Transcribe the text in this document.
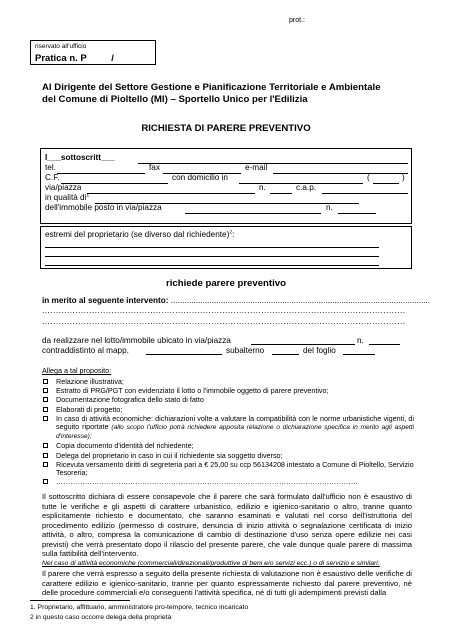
prot.:
riservato all'ufficio
Pratica n. P	/
Al Dirigente del Settore Gestione e Pianificazione Territoriale e Ambientale
del Comune di Pioltello (MI) – Sportello Unico per l'Edilizia
RICHIESTA DI PARERE PREVENTIVO
I___sottoscritt___
tel.	fax	e-mail
C.F.	con domicilio in	(	)
via/piazza	n.	c.a.p.
in qualità $di^1$
dell'immobile posto in via/piazza	n.
estremi del proprietario (se diverso dal richiedente)$^2$:
richiede parere preventivo
in merito al seguente intervento: ..................................................................................................................
...................................................................................................................................
...................................................................................................................................
da realizzare nel lotto/immobile ubicato in via/piazza	n.
contraddistinto al mapp.	subalterno	del foglio
Allega a tal proposito:
Relazione illustrativa;
Estratto di PRG/PGT con evidenziato il lotto o l'immobile oggetto di parere preventivo;
Documentazione fotografica dello stato di fatto
Elaborati di progetto;
In caso di attività economiche: dichiarazioni volte a valutare la compatibilità con le norme urbanistiche vigenti, di seguito riportate (allo scopo l'ufficio potrà richiedere apposita relazione o dichiarazione specifica in merito agli aspetti d'interesse);
Copia documento d'identità del richiedente;
Delega del proprietario in caso in cui il richiedente sia soggetto diverso;
Ricevuta versamento diritti di segreteria pari a € 25,00 su ccp 56134208 intestato a Comune di Pioltello, Servizio Tesoreria;
………………………………………………………………………………………………………………
Il sottoscritto dichiara di essere consapevole che il parere che sarà formulato dall'ufficio non è esaustivo di tutte le verifiche e gli aspetti di carattere urbanistico, edilizio e igienico-sanitario o altro, tranne quanto esplicitamente richiesto e documentato, che saranno esaminati e valutati nel corso dell'istruttoria del procedimento edilizio (permesso di costruire, denuncia di inizio attività o segnalazione certificata di inizio attività, o altro, compresa la comunicazione di cambio di destinazione d'uso senza opere edilizie nei casi previsti) che verrà presentato dopo il rilascio del presente parere, che vale dunque quale parere di massima sulla fattibilità dell'intervento.
Nel caso di attività economiche (commerciali/direzionali/produttive di beni e/o servizi ecc.) o di servizio e similari:
Il parere che verrà espresso a seguito della presente richiesta di valutazione non è esaustivo delle verifiche di carattere edilizio e igienico-sanitario, tranne per quanto espressamente richiesto dal parere preventivo, né delle procedure commerciali e/o conseguenti l'attività specifica, né di tutti gli adempimenti previsti dalla
1. Proprietario, affittuario, amministratore pro-tempore, tecnico incaricato
2 in questo caso occorre delega della proprietà
